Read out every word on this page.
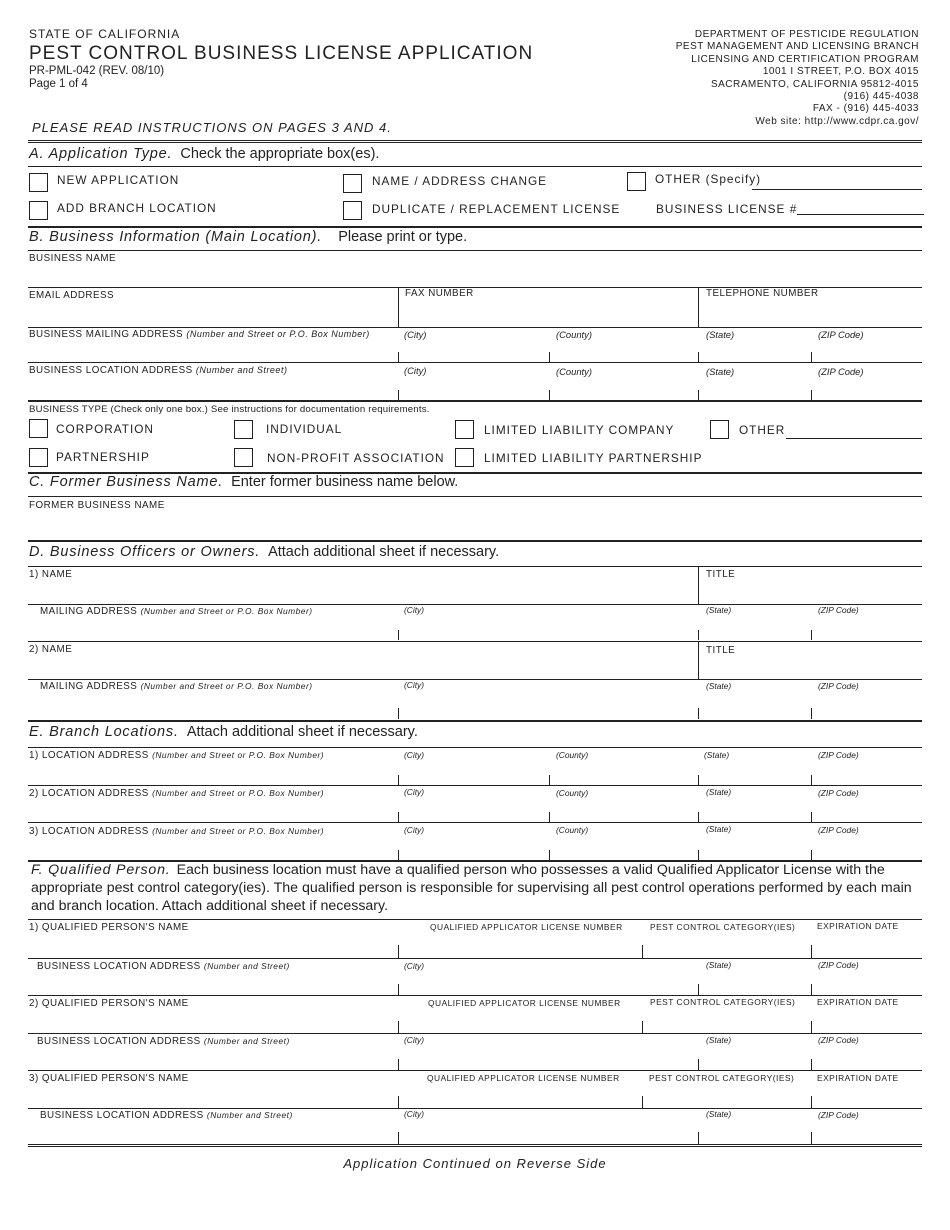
STATE OF CALIFORNIA
PEST CONTROL BUSINESS LICENSE APPLICATION
PR-PML-042 (REV. 08/10)
Page 1 of 4
DEPARTMENT OF PESTICIDE REGULATION
PEST MANAGEMENT AND LICENSING BRANCH
LICENSING AND CERTIFICATION PROGRAM
1001 I STREET, P.O. BOX 4015
SACRAMENTO, CALIFORNIA 95812-4015
(916) 445-4038
FAX - (916) 445-4033
Web site: http://www.cdpr.ca.gov/
PLEASE READ INSTRUCTIONS ON PAGES 3 AND 4.
A. Application Type. Check the appropriate box(es).
NEW APPLICATION
ADD BRANCH LOCATION
NAME / ADDRESS CHANGE
DUPLICATE / REPLACEMENT LICENSE
OTHER (Specify)
BUSINESS LICENSE #
B. Business Information (Main Location). Please print or type.
BUSINESS NAME
EMAIL ADDRESS	FAX NUMBER	TELEPHONE NUMBER
BUSINESS MAILING ADDRESS (Number and Street or P.O. Box Number)	(City)	(County)	(State)	(ZIP Code)
BUSINESS LOCATION ADDRESS (Number and Street)	(City)	(County)	(State)	(ZIP Code)
BUSINESS TYPE (Check only one box.) See instructions for documentation requirements.
CORPORATION
PARTNERSHIP
INDIVIDUAL
NON-PROFIT ASSOCIATION
LIMITED LIABILITY COMPANY
LIMITED LIABILITY PARTNERSHIP
OTHER
C. Former Business Name. Enter former business name below.
FORMER BUSINESS NAME
D. Business Officers or Owners. Attach additional sheet if necessary.
1) NAME	TITLE
MAILING ADDRESS (Number and Street or P.O. Box Number)	(City)	(State)	(ZIP Code)
2) NAME	TITLE
MAILING ADDRESS (Number and Street or P.O. Box Number)	(City)	(State)	(ZIP Code)
E. Branch Locations. Attach additional sheet if necessary.
1) LOCATION ADDRESS (Number and Street or P.O. Box Number)	(City)	(County)	(State)	(ZIP Code)
2) LOCATION ADDRESS (Number and Street or P.O. Box Number)	(City)	(County)	(State)	(ZIP Code)
3) LOCATION ADDRESS (Number and Street or P.O. Box Number)	(City)	(County)	(State)	(ZIP Code)
F. Qualified Person. Each business location must have a qualified person who possesses a valid Qualified Applicator License with the appropriate pest control category(ies). The qualified person is responsible for supervising all pest control operations performed by each main and branch location. Attach additional sheet if necessary.
1) QUALIFIED PERSON'S NAME	QUALIFIED APPLICATOR LICENSE NUMBER	PEST CONTROL CATEGORY(IES)	EXPIRATION DATE
BUSINESS LOCATION ADDRESS (Number and Street)	(City)	(State)	(ZIP Code)
2) QUALIFIED PERSON'S NAME	QUALIFIED APPLICATOR LICENSE NUMBER	PEST CONTROL CATEGORY(IES)	EXPIRATION DATE
BUSINESS LOCATION ADDRESS (Number and Street)	(City)	(State)	(ZIP Code)
3) QUALIFIED PERSON'S NAME	QUALIFIED APPLICATOR LICENSE NUMBER	PEST CONTROL CATEGORY(IES)	EXPIRATION DATE
BUSINESS LOCATION ADDRESS (Number and Street)	(City)	(State)	(ZIP Code)
Application Continued on Reverse Side
